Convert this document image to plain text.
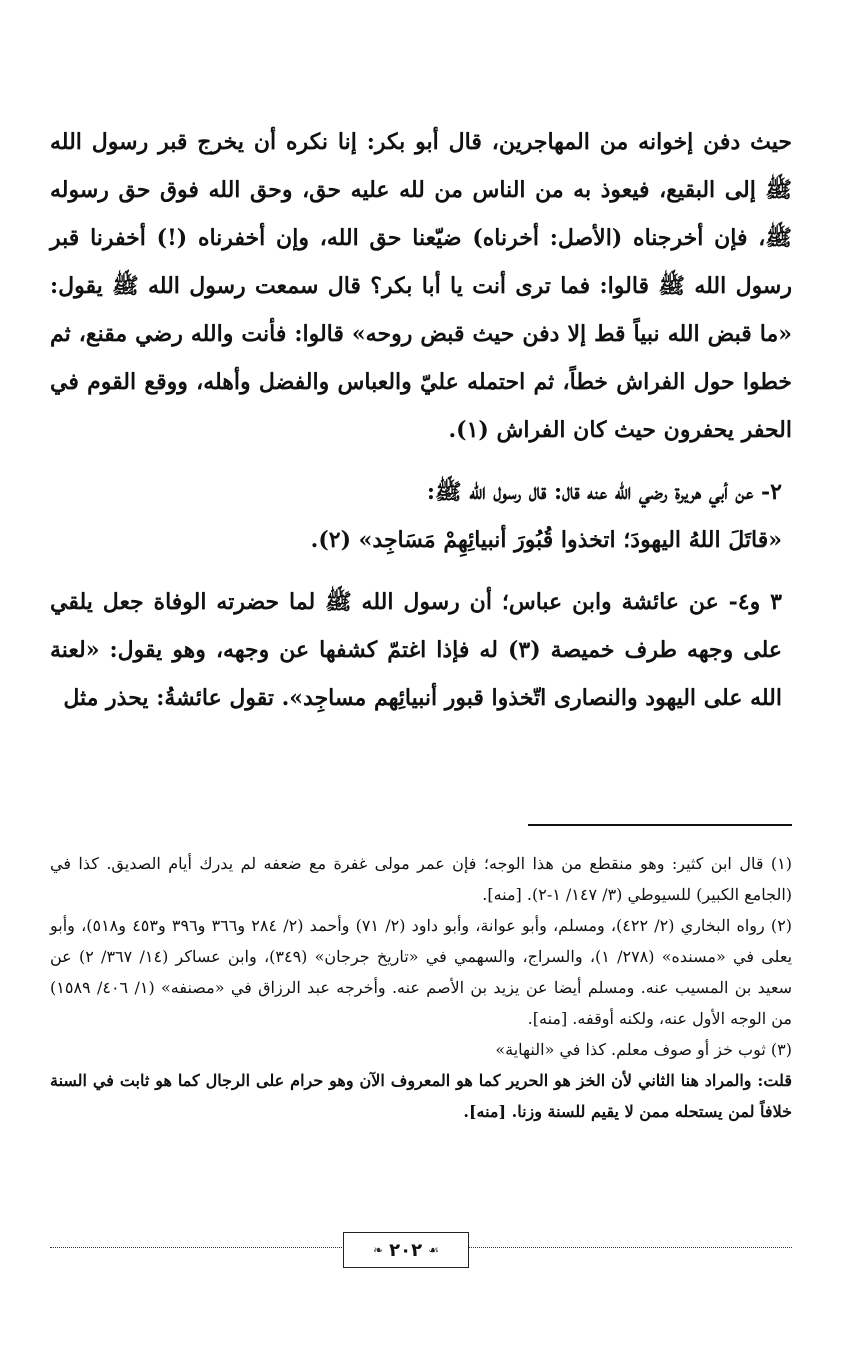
حيث دفن إخوانه من المهاجرين، قال أبو بكر: إنا نكره أن يخرج قبر رسول الله ﷺ إلى البقيع، فيعوذ به من الناس من لله عليه حق، وحق الله فوق حق رسوله ﷺ، فإن أخرجناه (الأصل: أخرناه) ضيّعنا حق الله، وإن أخفرناه (!) أخفرنا قبر رسول الله ﷺ قالوا: فما ترى أنت يا أبا بكر؟ قال سمعت رسول الله ﷺ يقول: «ما قبض الله نبياً قط إلا دفن حيث قبض روحه» قالوا: فأنت والله رضي مقنع، ثم خطوا حول الفراش خطاً، ثم احتمله عليّ والعباس والفضل وأهله، ووقع القوم في الحفر يحفرون حيث كان الفراش (١).

٢- عن أبي هريرة رضي الله عنه قال: قال رسول الله ﷺ:

«قاتَلَ اللهُ اليهودَ؛ اتخذوا قُبُورَ أنبيائِهِمْ مَسَاجِد» (٢).

٣ و٤- عن عائشة وابن عباس؛ أن رسول الله ﷺ لما حضرته الوفاة جعل يلقي على وجهه طرف خميصة (٣) له فإذا اغتمّ كشفها عن وجهه، وهو يقول: «لعنة الله على اليهود والنصارى اتّخذوا قبور أنبيائِهم مساجِد». تقول عائشةُ: يحذر مثل

(١) قال ابن كثير: وهو منقطع من هذا الوجه؛ فإن عمر مولى غفرة مع ضعفه لم يدرك أيام الصديق. كذا في (الجامع الكبير) للسيوطي (٣/ ١٤٧/ ١-٢). [منه].

(٢) رواه البخاري (٢/ ٤٢٢)، ومسلم، وأبو عوانة، وأبو داود (٢/ ٧١) وأحمد (٢/ ٢٨٤ و٣٦٦ و٣٩٦ و٤٥٣ و٥١٨)، وأبو يعلى في «مسنده» (٢٧٨/ ١)، والسراج، والسهمي في «تاريخ جرجان» (٣٤٩)، وابن عساكر (١٤/ ٣٦٧/ ٢) عن سعيد بن المسيب عنه. ومسلم أيضا عن يزيد بن الأصم عنه. وأخرجه عبد الرزاق في «مصنفه» (١/ ٤٠٦/ ١٥٨٩) من الوجه الأول عنه، ولكنه أوقفه. [منه].

(٣) ثوب خز أو صوف معلم. كذا في «النهاية»

قلت: والمراد هنا الثاني لأن الخز هو الحرير كما هو المعروف الآن وهو حرام على الرجال كما هو ثابت في السنة خلافاً لمن يستحله ممن لا يقيم للسنة وزنا. [منه].

❧ ٢٠٢ ☙
